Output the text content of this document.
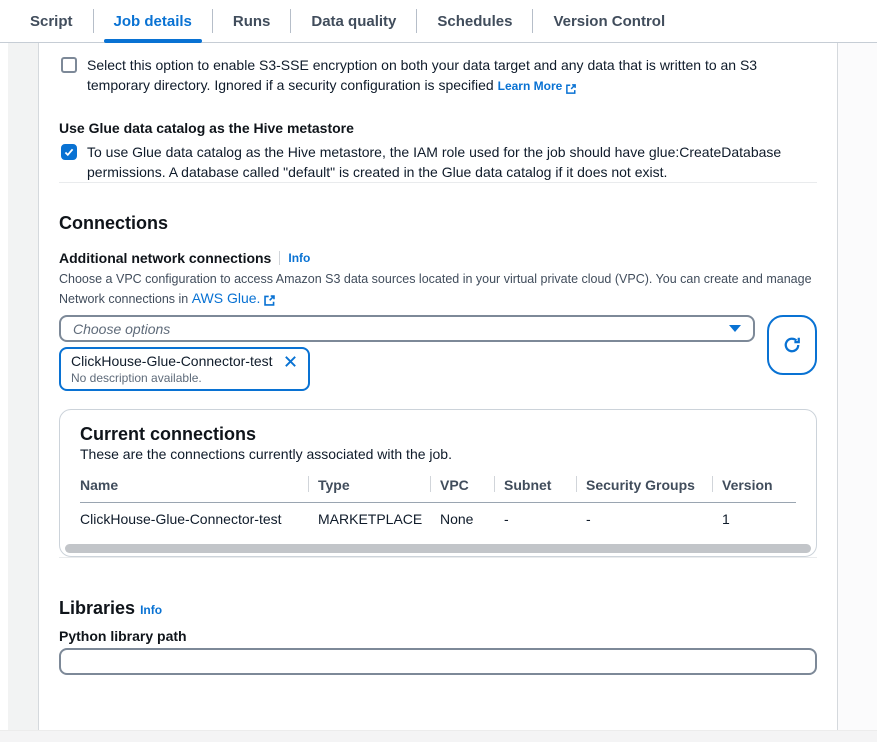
Script	Job details	Runs	Data quality	Schedules	Version Control
Select this option to enable S3-SSE encryption on both your data target and any data that is written to an S3
temporary directory. Ignored if a security configuration is specified Learn More
Use Glue data catalog as the Hive metastore
To use Glue data catalog as the Hive metastore, the IAM role used for the job should have glue:CreateDatabase
permissions. A database called "default" is created in the Glue data catalog if it does not exist.
Connections
Additional network connections Info
Choose a VPC configuration to access Amazon S3 data sources located in your virtual private cloud (VPC). You can create and manage
Network connections in AWS Glue.
Choose options
ClickHouse-Glue-Connector-test
No description available.
Current connections
These are the connections currently associated with the job.
Name	Type	VPC	Subnet	Security Groups	Version
ClickHouse-Glue-Connector-test	MARKETPLACE	None	-	-	1
Libraries Info
Python library path
